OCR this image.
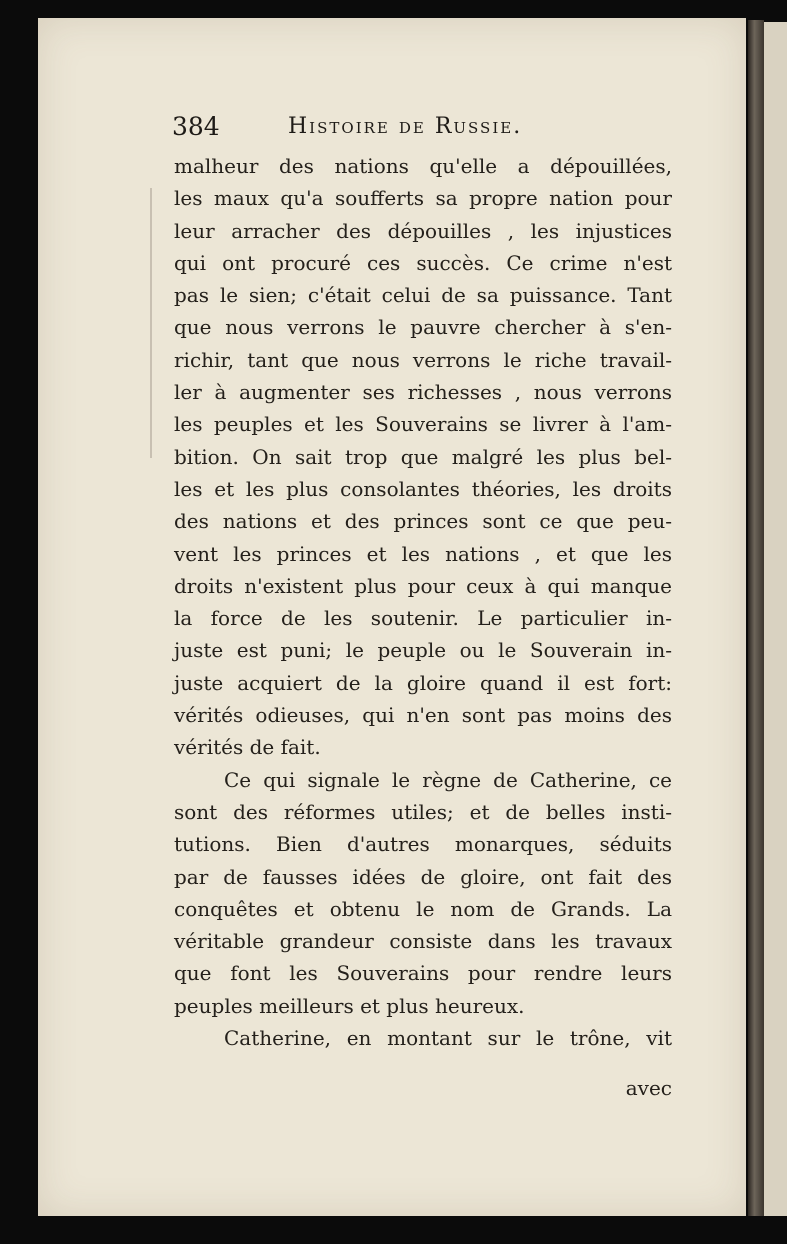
384	Histoire de Russie.
malheur des nations qu'elle a dépouillées,
les maux qu'a soufferts sa propre nation pour
leur arracher des dépouilles , les injustices
qui ont procuré ces succès. Ce crime n'est
pas le sien; c'était celui de sa puissance. Tant
que nous verrons le pauvre chercher à s'en-
richir, tant que nous verrons le riche travail-
ler à augmenter ses richesses , nous verrons
les peuples et les Souverains se livrer à l'am-
bition. On sait trop que malgré les plus bel-
les et les plus consolantes théories, les droits
des nations et des princes sont ce que peu-
vent les princes et les nations , et que les
droits n'existent plus pour ceux à qui manque
la force de les soutenir. Le particulier in-
juste est puni; le peuple ou le Souverain in-
juste acquiert de la gloire quand il est fort:
vérités odieuses, qui n'en sont pas moins des
vérités de fait.
Ce qui signale le règne de Catherine, ce
sont des réformes utiles; et de belles insti-
tutions. Bien d'autres monarques, séduits
par de fausses idées de gloire, ont fait des
conquêtes et obtenu le nom de Grands. La
véritable grandeur consiste dans les travaux
que font les Souverains pour rendre leurs
peuples meilleurs et plus heureux.
Catherine, en montant sur le trône, vit
avec
